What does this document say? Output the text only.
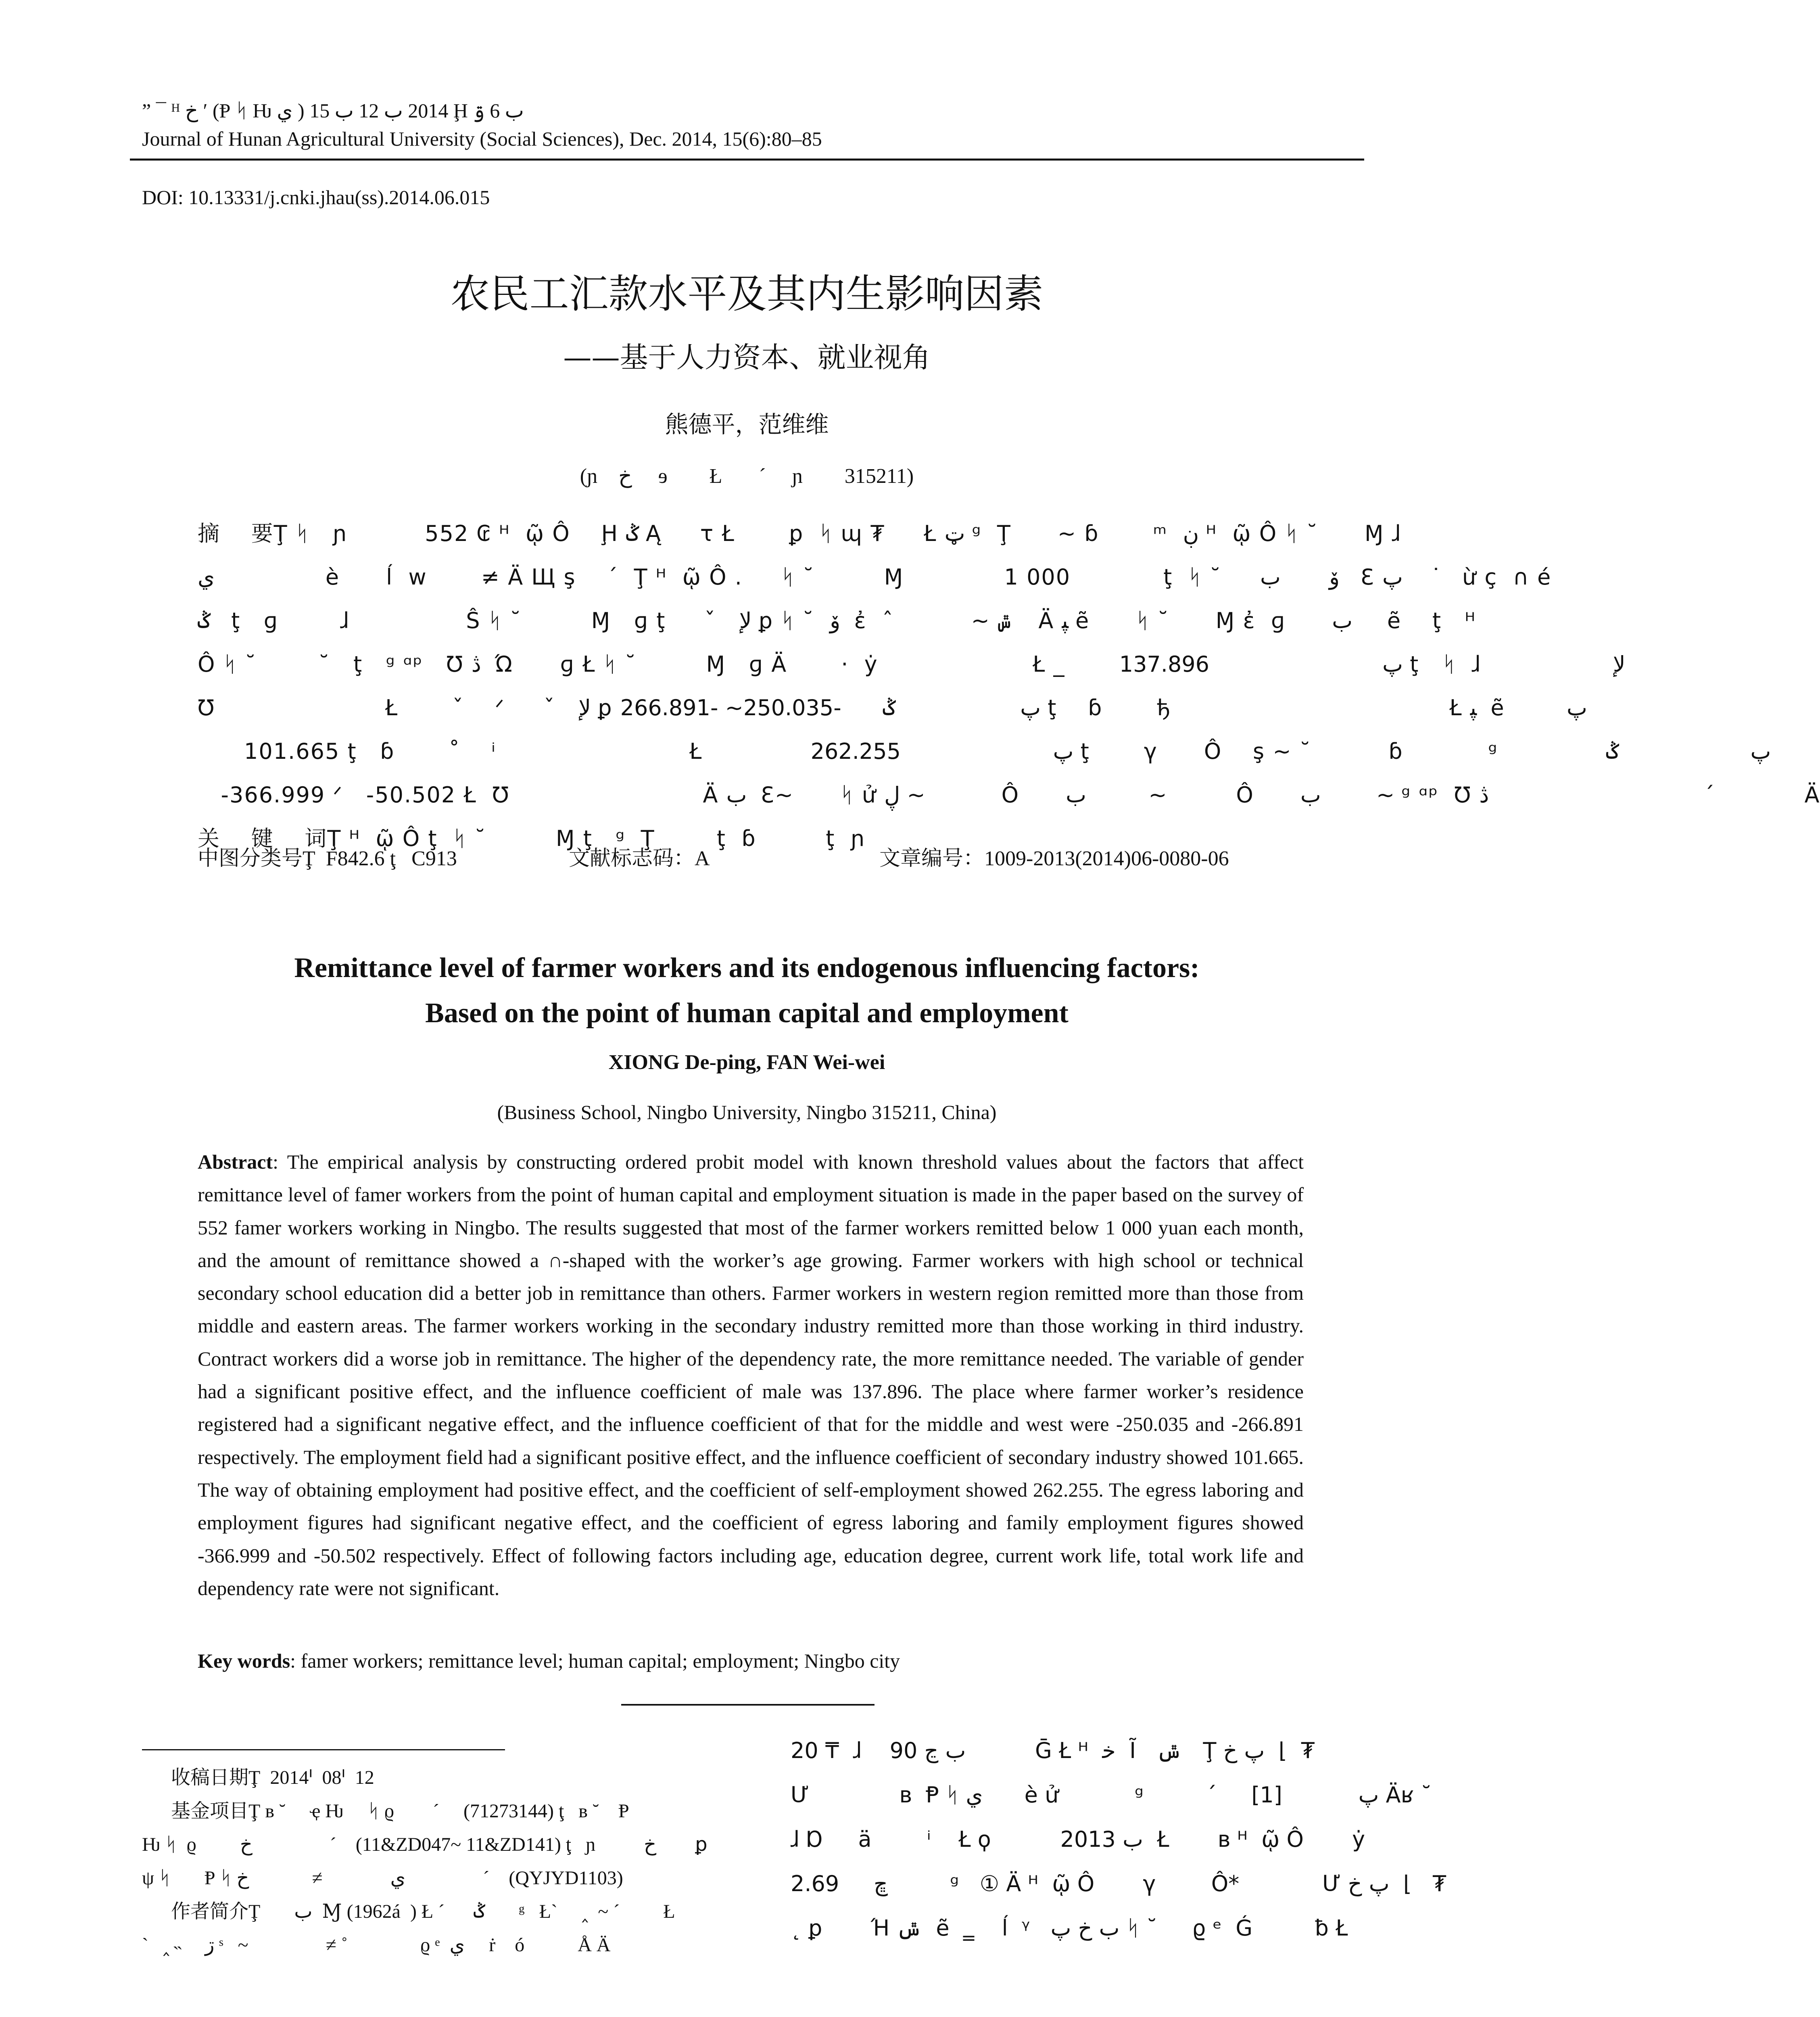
” ¯ ᴴ خ ʹ (Ᵽ ᛋ Ƕ ي ) 2014 ب 12 ب 15 Ḩ ب 6 ۊ
Journal of Hunan Agricultural University (Social Sciences), Dec. 2014, 15(6):80–85
DOI: 10.13331/j.cnki.jhau(ss).2014.06.015
农民工汇款水平及其内生影响因素
——基于人力资本、就业视角
熊德平，范维维
(ɲ    خ     ɘ        Ł       ´     ɲ        315211)
摘    要Ţ ᛋ   ɲ          552 ₢ ᴴ  ῷ Ô    Ḩ ݣ Ą     τ Ł       ꝑ  ᛋ ɰ ₮     Ł ټ ᵍ  Ţ      ~ ɓ       ᵐ  ڹ ᴴ  ῷ Ô ᛋ ˘      Ɱ ɺ
ي                è      ĺ  ᴡ       ≠ Ä Щ ş    ´  Ţ ᴴ  ῷ Ô .     ᛋ ˘         Ɱ             1 000            ţ  ᛋ ˘     ۆ       ب   Ɛ پ    ˙   ừ ç  ∩ é
ݣ   ţ   ɡ        ɺ               Ŝ ᛋ ˘         Ɱ   ɡ ţ     ˇ   ﻹ ꝑ ᛋ ˘  ۆ  ἐ  ˆ          ~ ݜ    Ä ﭙ ẽ      ᛋ ˘      Ɱ ἐ  ɡ      ب     ẽ    ţ   ᵸ
Ô ᛋ ˘        ˘   ţ   ᵍ ᵅᵖ   Ʊ ڎ  Ώ      ɡ Ł ᛋ ˘         Ɱ   ɡ Ä       ·  ẏ                    Ł _       پ                         137.896 ţ   ᛋ  ɺ                 ﻹ
Ʊ                      Ł       ˇ    ᐟ     ˇ   ﻹ ꝑ پ                  ݣ      -250.035~ -266.891 ţ    ɓ       ђ                                    Ł ﭙ  ẽ        پ
101.665 ţ   ɓ       ˚    ⁱ                         Ł              پ                      262.255 ţ       γ      Ô    ş ~ ˘          ɓ           ᵍ              پ                   ݣ
-366.999 ᐟ   -50.502 Ł  Ʊ                         Ä ب  Ɛ~      ᛋ ử ڸ ~           Ô      ب         ~          Ô      ب        ~ ᵍ ᵅᵖ  Ʊ ڎ                               ´             Ä
关    键    词Ţ ᴴ  ῷ Ô ţ  ᛋ ˘         Ɱ ţ   ᵍ  Ţ        ţ  ɓ         ţ  ɲ
中图分类号Ţ  F842.6 ţ   C913	文献标志码：A	文章编号：1009-2013(2014)06-0080-06
Remittance level of farmer workers and its endogenous influencing factors:
Based on the point of human capital and employment
XIONG De-ping, FAN Wei-wei
(Business School, Ningbo University, Ningbo 315211, China)
Abstract: The empirical analysis by constructing ordered probit model with known threshold values about the factors that affect remittance level of famer workers from the point of human capital and employment situation is made in the paper based on the survey of 552 famer workers working in Ningbo. The results suggested that most of the farmer workers remitted below 1 000 yuan each month, and the amount of remittance showed a ∩-shaped with the worker’s age growing. Farmer workers with high school or technical secondary school education did a better job in remittance than others. Farmer workers in western region remitted more than those from middle and eastern areas. The farmer workers working in the secondary industry remitted more than those working in third industry. Contract workers did a worse job in remittance. The higher of the dependency rate, the more remittance needed. The variable of gender had a significant positive effect, and the influence coefficient of male was 137.896. The place where farmer worker’s residence registered had a significant negative effect, and the influence coefficient of that for the middle and west were -250.035 and -266.891 respectively. The employment field had a significant positive effect, and the influence coefficient of secondary industry showed 101.665. The way of obtaining employment had positive effect, and the coefficient of self-employment showed 262.255. The egress laboring and employment figures had significant negative effect, and the coefficient of egress laboring and family employment figures showed -366.999 and -50.502 respectively. Effect of following factors including age, education degree, current work life, total work life and dependency rate were not significant.
Key words: famer workers; remittance level; human capital; employment; Ningbo city
收稿日期Ţ  2014ᑊ  08ᑊ  12
基金项目Ţ ʙ ˘     ҿ Ƕ     ᛋ ϱ        ´     (71273144) ţ   ʙ ˘    Ᵽ
Ƕ ᛋ  ϱ         خ                ´    (11&ZD047~ 11&ZD141) ţ   ɲ          خ        ꝑ
ψ ᛋ       Ᵽ ᛋ ي              ≠             خ                ´    (QYJYD1103)
作者简介Ţ       ب  Ɱ (1962á  ) Ł ´      ݣ       ᵍ   Ł`     ‸  ~ ´         Ł
`   ‸ ˵     ڗ ˢ   ~                ≠ ˚               ϱ ᵉ  ي     ṙ    ó           Å Ä
20 ₸  ɺ    90 ب ڃ          Ḡ Ł ᴴ  ﺧ  Ĩ   ݜ   Ţ پ خ  ⌊  ₮
Ư             ʙ  Ᵽ ᛋ ي      è ử           ᵍ         ´     پ           [1] Äʁ ˘
ɺ Ɒ     ä        ⁱ    Ł ϙ          2013 ب  Ł       ʙ ᴴ  ῷ Ô       ẏ
ڇ     2.69         ᵍ   ① Ä ᴴ  ῷ Ô       γ        Ô*            Ư پ خ  ⌊   ₮
˛ ꝑ       Ή ݜ  ẽ  ‗    ĺ  ᵞ   ب خ پ ᛋ ˘     ϱ ᵉ  Ǵ         ƀ Ł
